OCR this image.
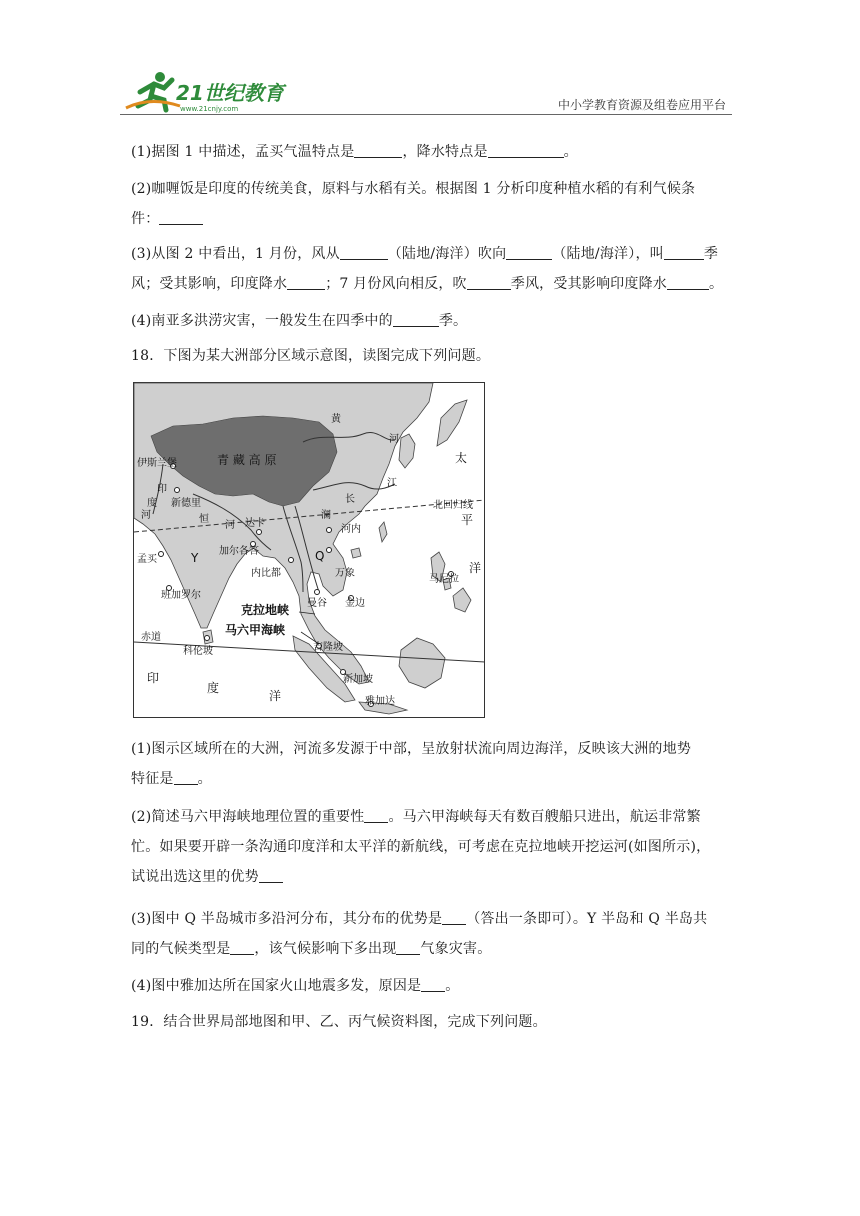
21世纪教育
www.21cnjy.com	中小学教育资源及组卷应用平台
(1)据图 1 中描述，孟买气温特点是	，降水特点是	。
(2)咖喱饭是印度的传统美食，原料与水稻有关。根据图 1 分析印度种植水稻的有利气候条
件：
(3)从图 2 中看出，1 月份，风从	（陆地/海洋）吹向	（陆地/海洋），叫	季
风；受其影响，印度降水	；7 月份风向相反，吹	季风，受其影响印度降水	。
(4)南亚多洪涝灾害，一般发生在四季中的	季。
18．下图为某大洲部分区域示意图，读图完成下列问题。
青 藏 高 原
黄
河
长
江
伊斯兰堡
印
度
河
新德里
恒
河 达卡
加尔各答
孟买	Y
班加罗尔
科伦坡
内比都
Q
河内
万象
曼谷 金边
马尼拉
澜
克拉地峡
马六甲海峡
吉隆坡
新加坡
雅加达
赤道
北回归线
太
平
洋
印
度
洋
(1)图示区域所在的大洲，河流多发源于中部，呈放射状流向周边海洋，反映该大洲的地势
特征是 。
(2)简述马六甲海峡地理位置的重要性 。马六甲海峡每天有数百艘船只进出，航运非常繁
忙。如果要开辟一条沟通印度洋和太平洋的新航线，可考虑在克拉地峡开挖运河(如图所示)，
试说出选这里的优势
(3)图中 Q 半岛城市多沿河分布，其分布的优势是 （答出一条即可）。Y 半岛和 Q 半岛共
同的气候类型是 ，该气候影响下多出现 气象灾害。
(4)图中雅加达所在国家火山地震多发，原因是 。
19．结合世界局部地图和甲、乙、丙气候资料图，完成下列问题。
